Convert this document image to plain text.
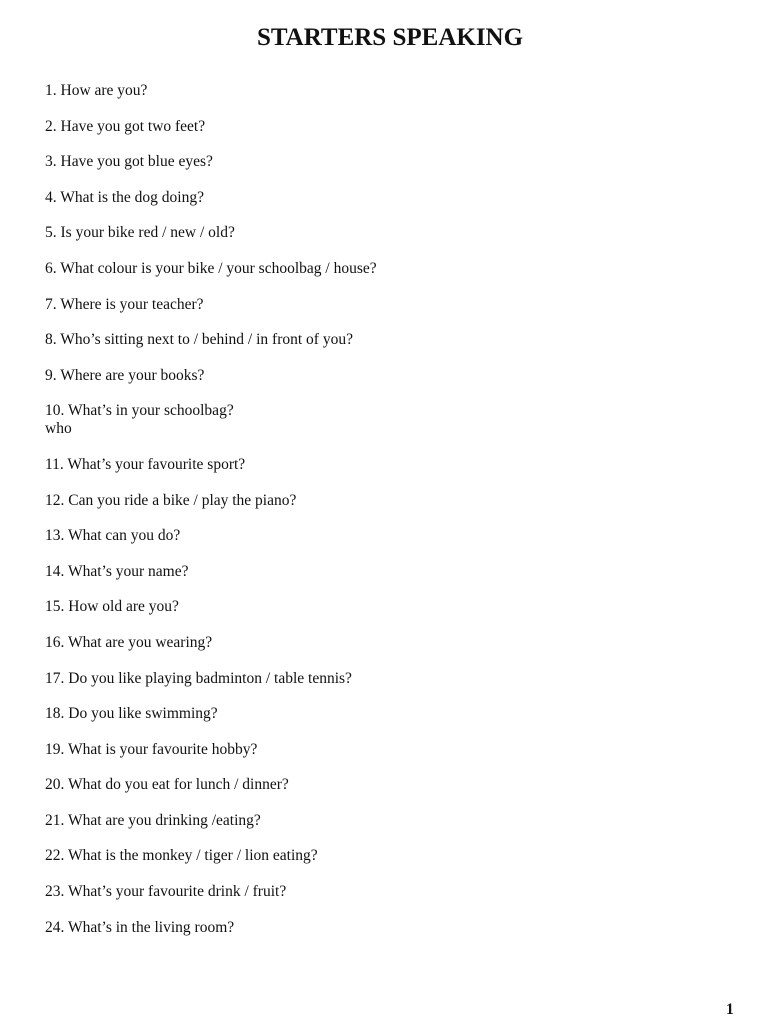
STARTERS SPEAKING
1. How are you?
2. Have you got two feet?
3. Have you got blue eyes?
4. What is the dog doing?
5. Is your bike red / new / old?
6. What colour is your bike / your schoolbag / house?
7. Where is your teacher?
8. Who’s sitting next to / behind / in front of you?
9. Where are your books?
10. What’s in your schoolbag?
who
11. What’s your favourite sport?
12. Can you ride a bike / play the piano?
13. What can you do?
14. What’s your name?
15. How old are you?
16. What are you wearing?
17. Do you like playing badminton / table tennis?
18. Do you like swimming?
19. What is your favourite hobby?
20. What do you eat for lunch / dinner?
21. What are you drinking /eating?
22. What is the monkey / tiger / lion eating?
23. What’s your favourite drink / fruit?
24. What’s in the living room?
1
